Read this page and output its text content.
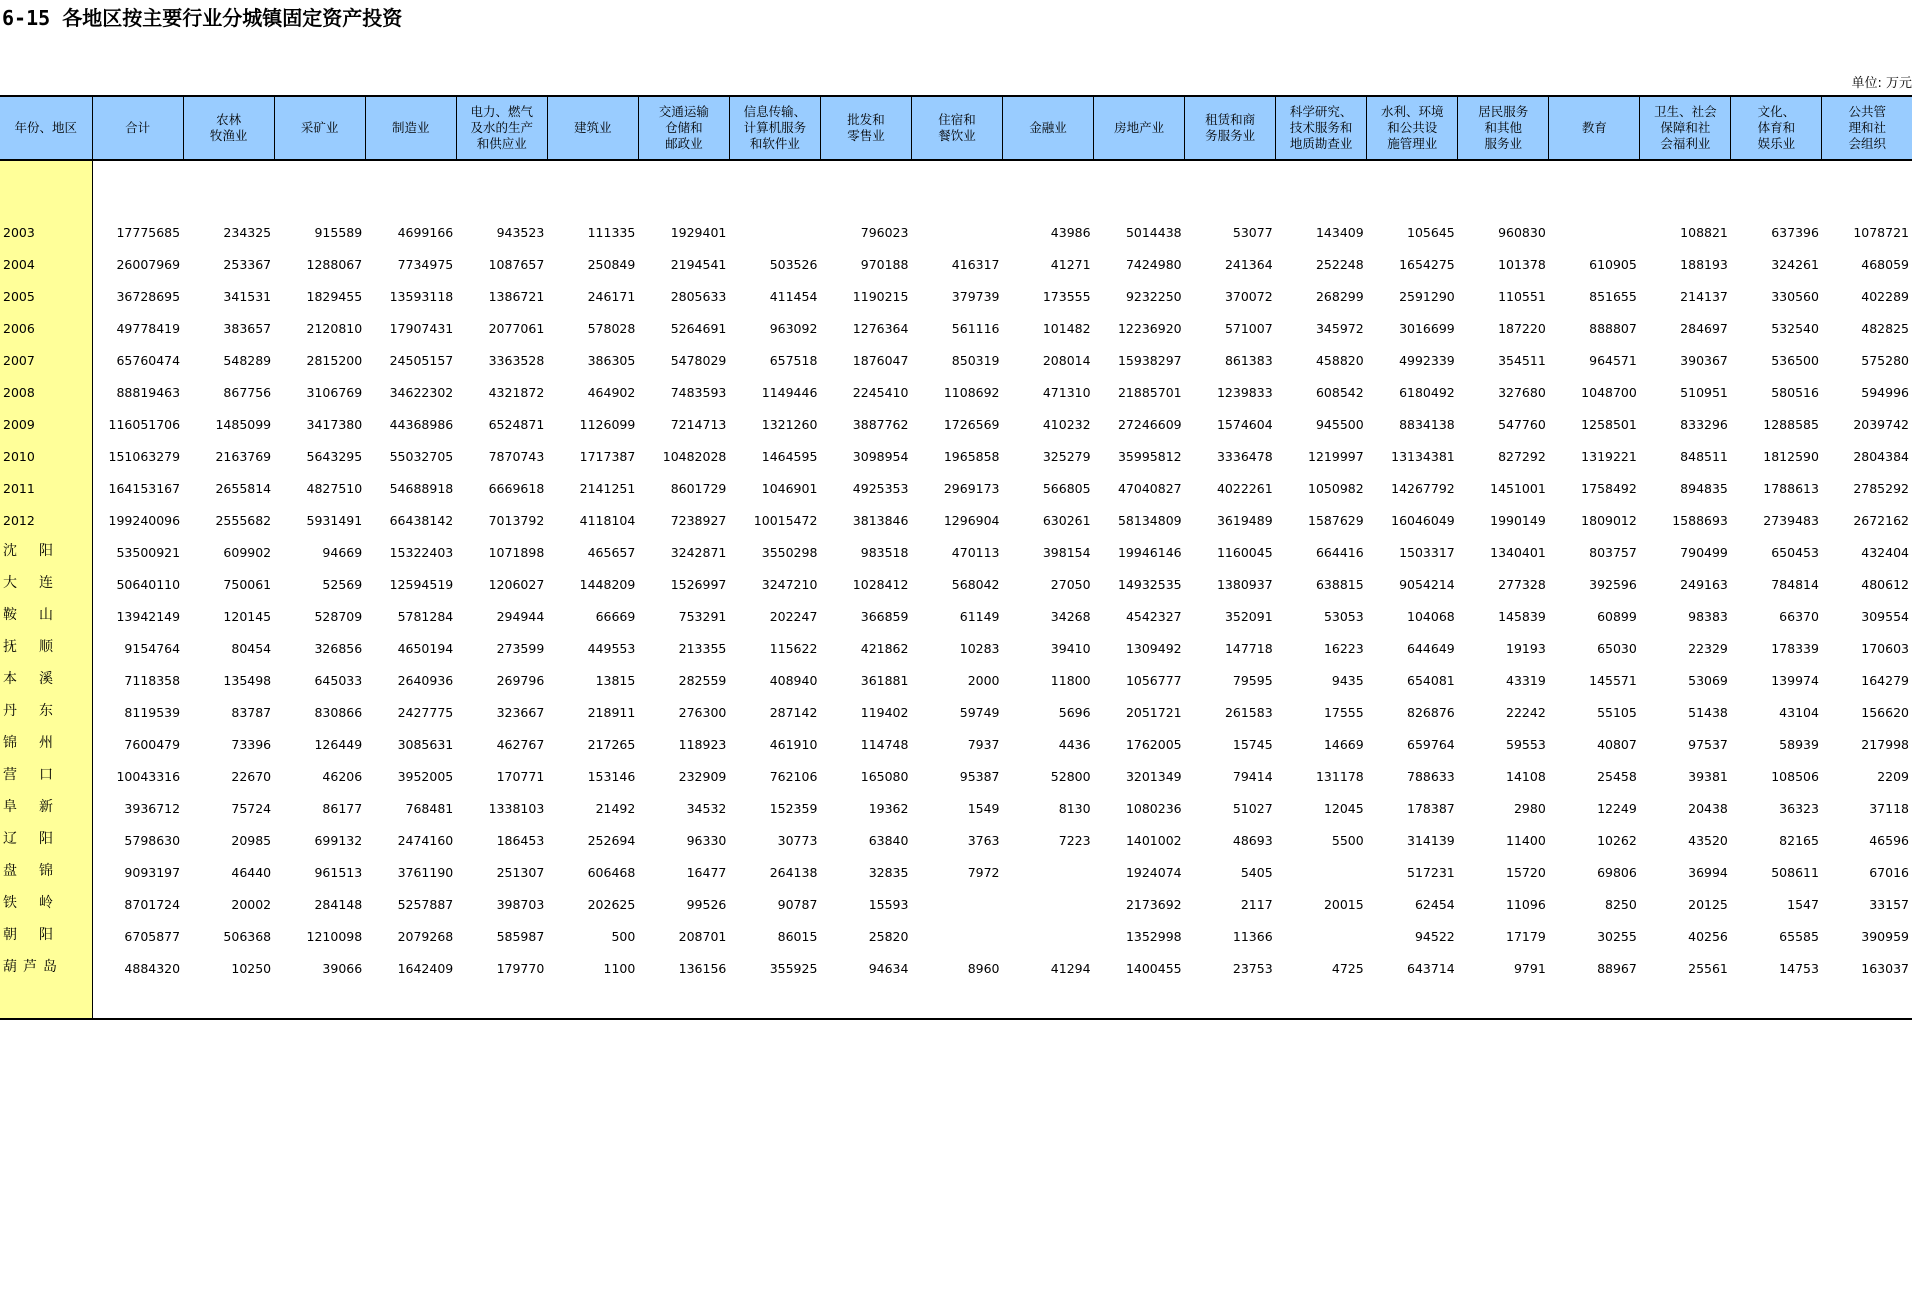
6-15 各地区按主要行业分城镇固定资产投资
单位: 万元
年份、地区	合计	农林
牧渔业	采矿业	制造业	电力、燃气
及水的生产
和供应业	建筑业	交通运输
仓储和
邮政业	信息传输、
计算机服务
和软件业	批发和
零售业	住宿和
餐饮业	金融业	房地产业	租赁和商
务服务业	科学研究、
技术服务和
地质勘查业	水利、环境
和公共设
施管理业	居民服务
和其他
服务业	教育	卫生、社会
保障和社
会福利业	文化、
体育和
娱乐业	公共管
理和社
会组织

2003	17775685	234325	915589	4699166	943523	111335	1929401		796023		43986	5014438	53077	143409	105645	960830		108821	637396	1078721
2004	26007969	253367	1288067	7734975	1087657	250849	2194541	503526	970188	416317	41271	7424980	241364	252248	1654275	101378	610905	188193	324261	468059
2005	36728695	341531	1829455	13593118	1386721	246171	2805633	411454	1190215	379739	173555	9232250	370072	268299	2591290	110551	851655	214137	330560	402289
2006	49778419	383657	2120810	17907431	2077061	578028	5264691	963092	1276364	561116	101482	12236920	571007	345972	3016699	187220	888807	284697	532540	482825
2007	65760474	548289	2815200	24505157	3363528	386305	5478029	657518	1876047	850319	208014	15938297	861383	458820	4992339	354511	964571	390367	536500	575280
2008	88819463	867756	3106769	34622302	4321872	464902	7483593	1149446	2245410	1108692	471310	21885701	1239833	608542	6180492	327680	1048700	510951	580516	594996
2009	116051706	1485099	3417380	44368986	6524871	1126099	7214713	1321260	3887762	1726569	410232	27246609	1574604	945500	8834138	547760	1258501	833296	1288585	2039742
2010	151063279	2163769	5643295	55032705	7870743	1717387	10482028	1464595	3098954	1965858	325279	35995812	3336478	1219997	13134381	827292	1319221	848511	1812590	2804384
2011	164153167	2655814	4827510	54688918	6669618	2141251	8601729	1046901	4925353	2969173	566805	47040827	4022261	1050982	14267792	1451001	1758492	894835	1788613	2785292
2012	199240096	2555682	5931491	66438142	7013792	4118104	7238927	10015472	3813846	1296904	630261	58134809	3619489	1587629	16046049	1990149	1809012	1588693	2739483	2672162
沈阳	53500921	609902	94669	15322403	1071898	465657	3242871	3550298	983518	470113	398154	19946146	1160045	664416	1503317	1340401	803757	790499	650453	432404
大连	50640110	750061	52569	12594519	1206027	1448209	1526997	3247210	1028412	568042	27050	14932535	1380937	638815	9054214	277328	392596	249163	784814	480612
鞍山	13942149	120145	528709	5781284	294944	66669	753291	202247	366859	61149	34268	4542327	352091	53053	104068	145839	60899	98383	66370	309554
抚顺	9154764	80454	326856	4650194	273599	449553	213355	115622	421862	10283	39410	1309492	147718	16223	644649	19193	65030	22329	178339	170603
本溪	7118358	135498	645033	2640936	269796	13815	282559	408940	361881	2000	11800	1056777	79595	9435	654081	43319	145571	53069	139974	164279
丹东	8119539	83787	830866	2427775	323667	218911	276300	287142	119402	59749	5696	2051721	261583	17555	826876	22242	55105	51438	43104	156620
锦州	7600479	73396	126449	3085631	462767	217265	118923	461910	114748	7937	4436	1762005	15745	14669	659764	59553	40807	97537	58939	217998
营口	10043316	22670	46206	3952005	170771	153146	232909	762106	165080	95387	52800	3201349	79414	131178	788633	14108	25458	39381	108506	2209
阜新	3936712	75724	86177	768481	1338103	21492	34532	152359	19362	1549	8130	1080236	51027	12045	178387	2980	12249	20438	36323	37118
辽阳	5798630	20985	699132	2474160	186453	252694	96330	30773	63840	3763	7223	1401002	48693	5500	314139	11400	10262	43520	82165	46596
盘锦	9093197	46440	961513	3761190	251307	606468	16477	264138	32835	7972		1924074	5405		517231	15720	69806	36994	508611	67016
铁岭	8701724	20002	284148	5257887	398703	202625	99526	90787	15593			2173692	2117	20015	62454	11096	8250	20125	1547	33157
朝阳	6705877	506368	1210098	2079268	585987	500	208701	86015	25820			1352998	11366		94522	17179	30255	40256	65585	390959
葫芦岛	4884320	10250	39066	1642409	179770	1100	136156	355925	94634	8960	41294	1400455	23753	4725	643714	9791	88967	25561	14753	163037
